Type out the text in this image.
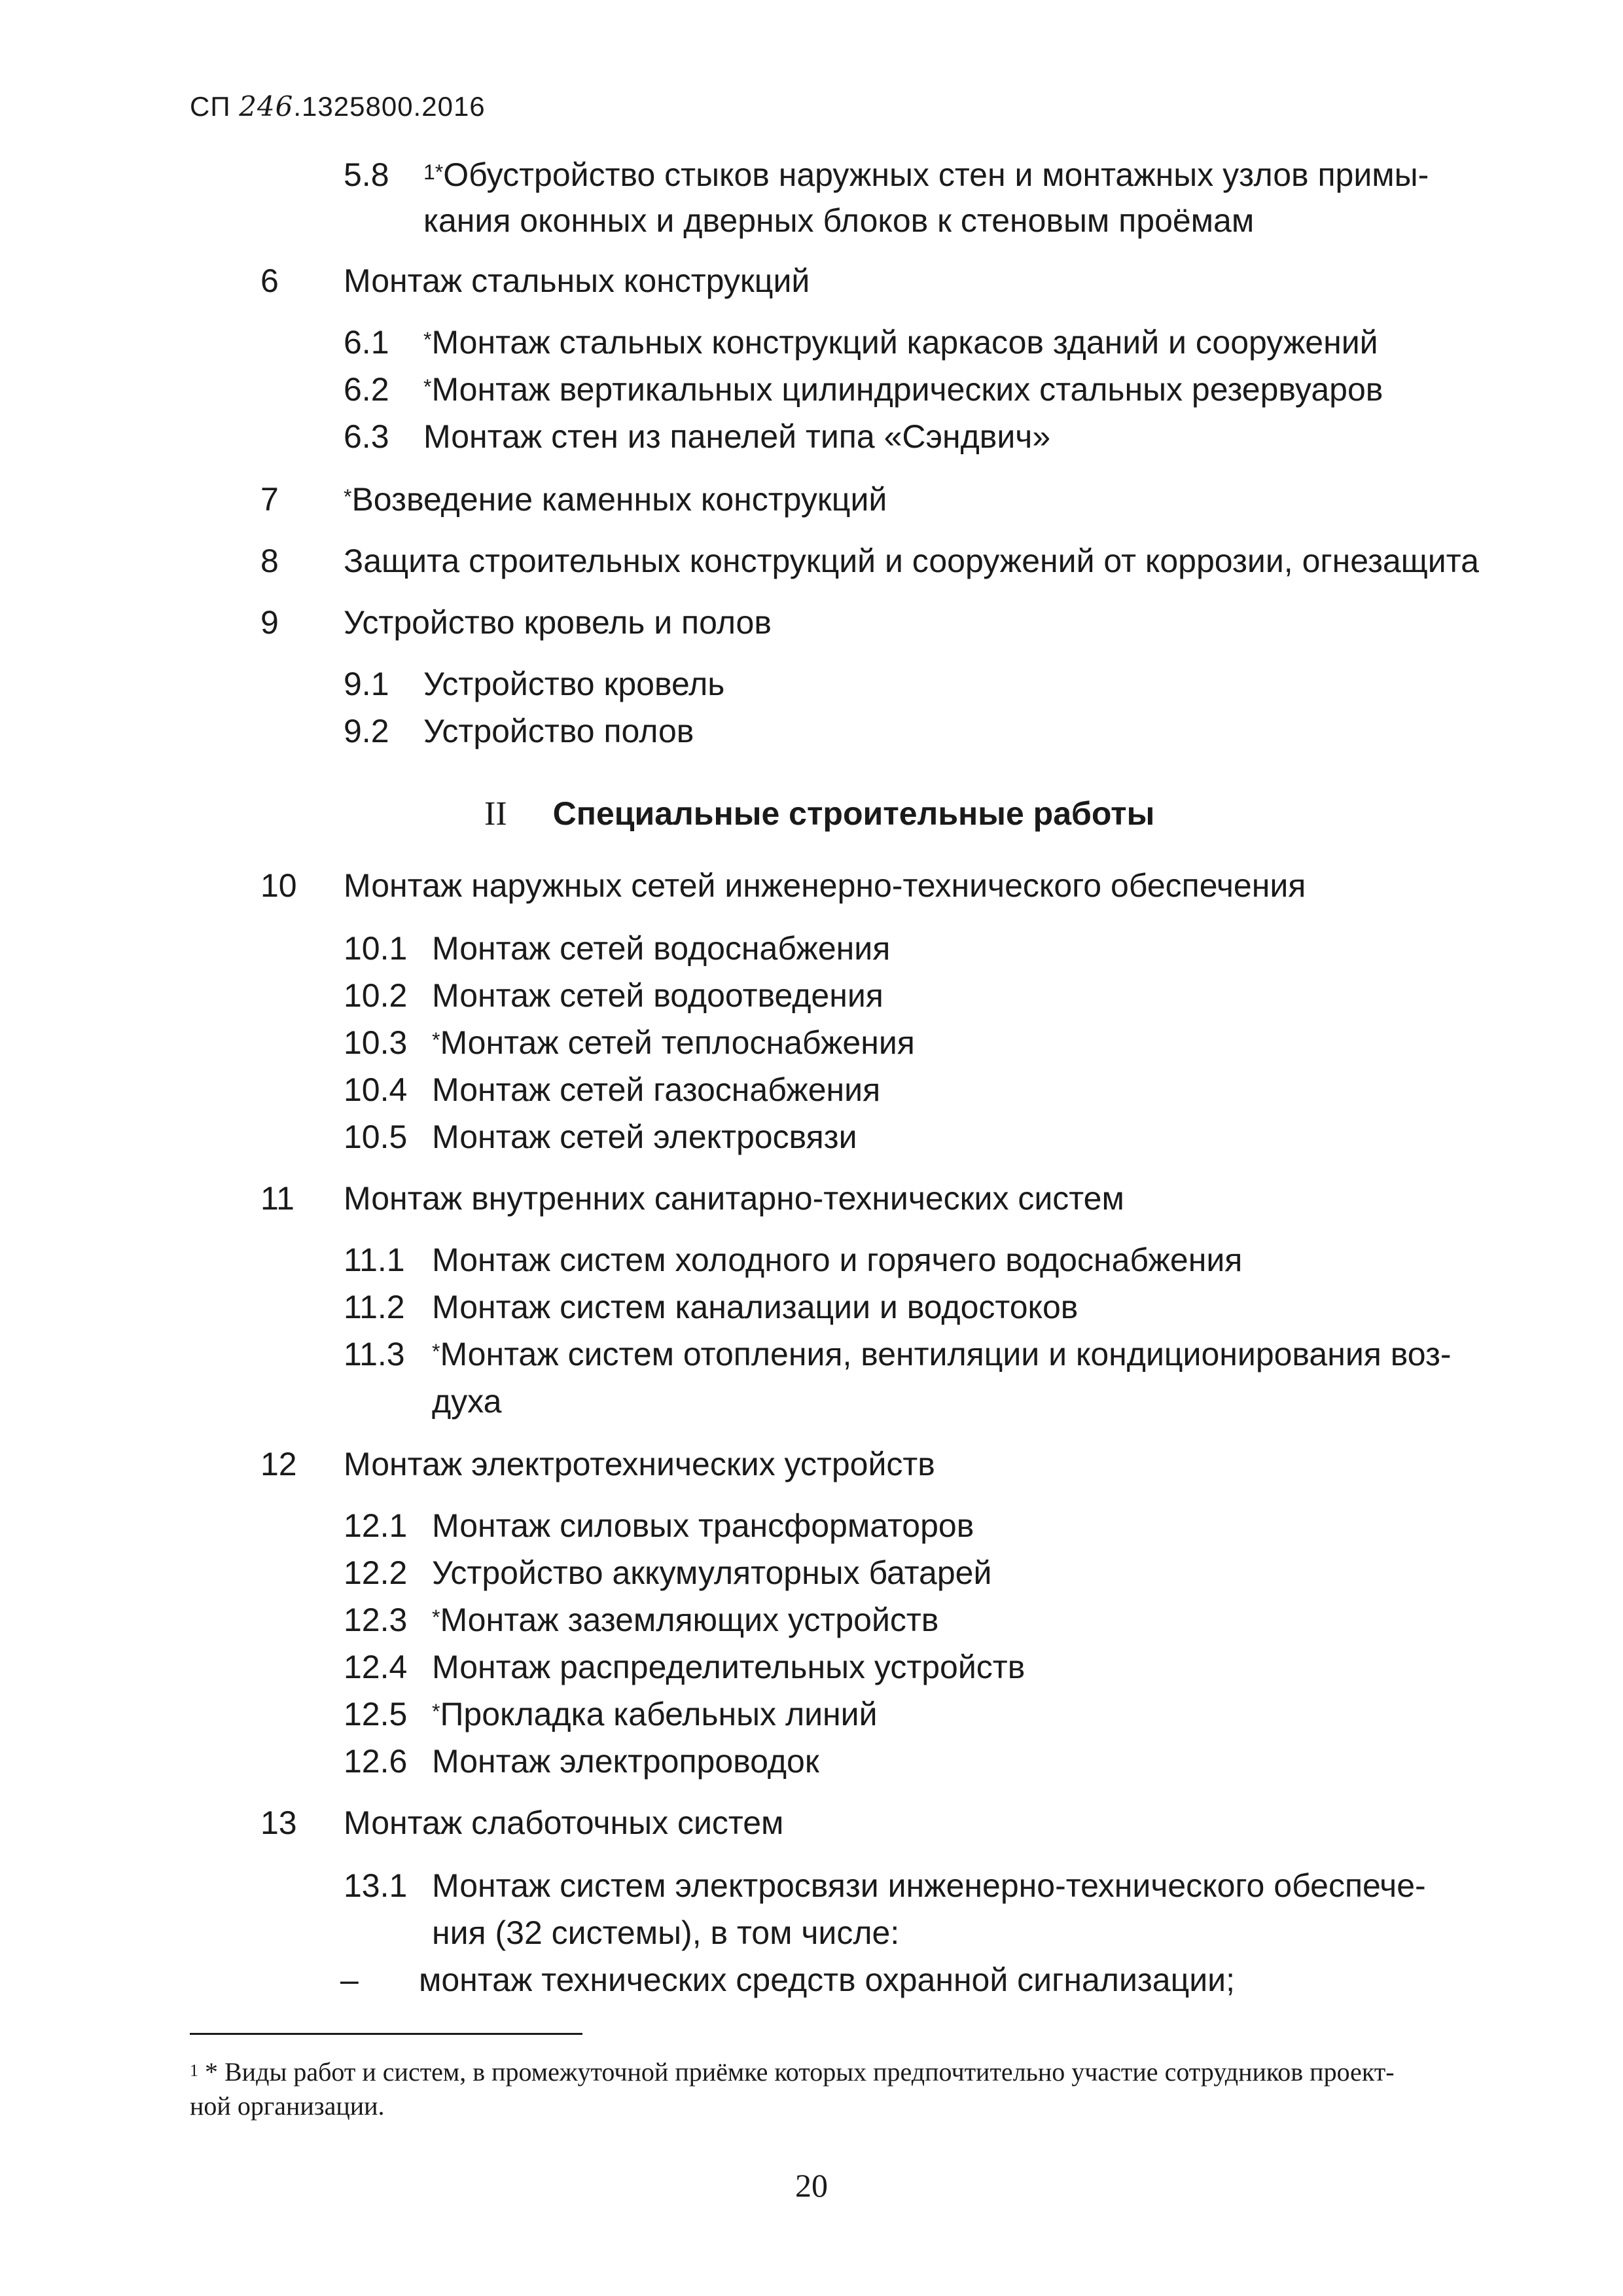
СП 246.1325800.2016
5.8 $^{1*}$Обустройство стыков наружных стен и монтажных узлов примы-
кания оконных и дверных блоков к стеновым проёмам
6 Монтаж стальных конструкций
6.1 *Монтаж стальных конструкций каркасов зданий и сооружений
6.2 *Монтаж вертикальных цилиндрических стальных резервуаров
6.3 Монтаж стен из панелей типа «Сэндвич»
7	*Возведение каменных конструкций
8 Защита строительных конструкций и сооружений от коррозии, огнезащита
9 Устройство кровель и полов
9.1 Устройство кровель
9.2 Устройство полов
II Специальные строительные работы
10 Монтаж наружных сетей инженерно-технического обеспечения
10.1 Монтаж сетей водоснабжения
10.2 Монтаж сетей водоотведения
10.3 *Монтаж сетей теплоснабжения
10.4 Монтаж сетей газоснабжения
10.5 Монтаж сетей электросвязи
11 Монтаж внутренних санитарно-технических систем
11.1 Монтаж систем холодного и горячего водоснабжения
11.2 Монтаж систем канализации и водостоков
11.3 *Монтаж систем отопления, вентиляции и кондиционирования воз-
духа
12 Монтаж электротехнических устройств
12.1 Монтаж силовых трансформаторов
12.2 Устройство аккумуляторных батарей
12.3 *Монтаж заземляющих устройств
12.4 Монтаж распределительных устройств
12.5 *Прокладка кабельных линий
12.6 Монтаж электропроводок
13 Монтаж слаботочных систем
13.1 Монтаж систем электросвязи инженерно-технического обеспече-
ния (32 системы), в том числе:
– монтаж технических средств охранной сигнализации;
$^1$ * Виды работ и систем, в промежуточной приёмке которых предпочтительно участие сотрудников проект-
ной организации.
20
